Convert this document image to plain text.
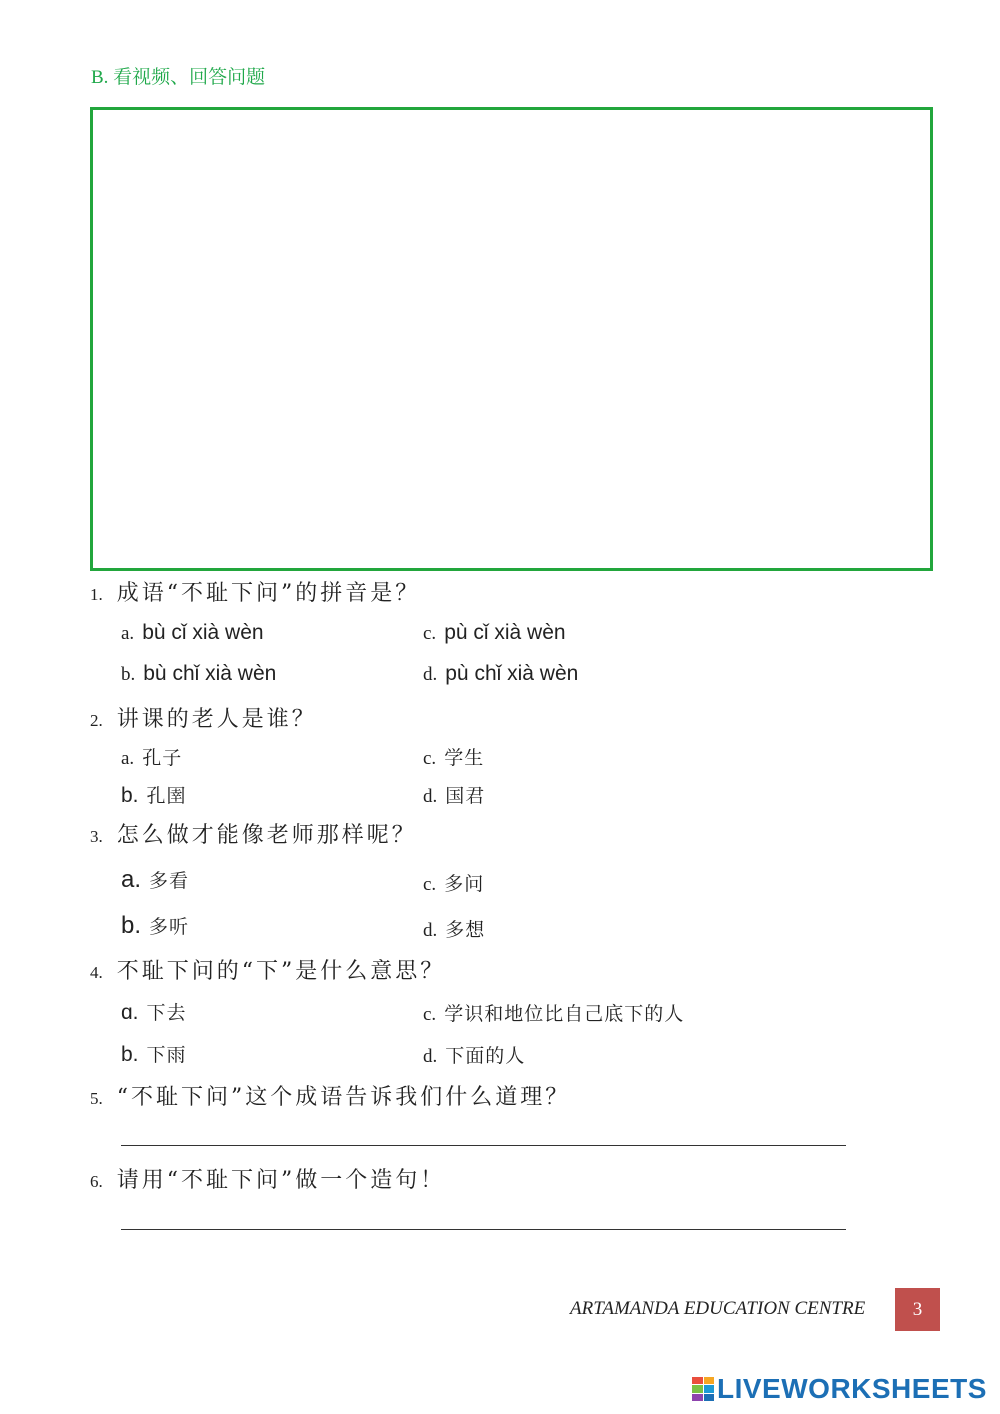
B. 看视频、回答问题
1. 成语“不耻下问”的拼音是？
a. bù cǐ xià wèn	c. pù cǐ xià wèn
b. bù chǐ xià wèn	d. pù chǐ xià wèn
2. 讲课的老人是谁？
a. 孔子	c. 学生
b. 孔圉	d. 国君
3. 怎么做才能像老师那样呢？
a. 多看	c. 多问
b. 多听	d. 多想
4. 不耻下问的“下”是什么意思？
ɑ. 下去	c. 学识和地位比自己底下的人
b. 下雨	d. 下面的人
5. “不耻下问”这个成语告诉我们什么道理？
6. 请用“不耻下问”做一个造句！
ARTAMANDA EDUCATION CENTRE	3
LIVEWORKSHEETS
